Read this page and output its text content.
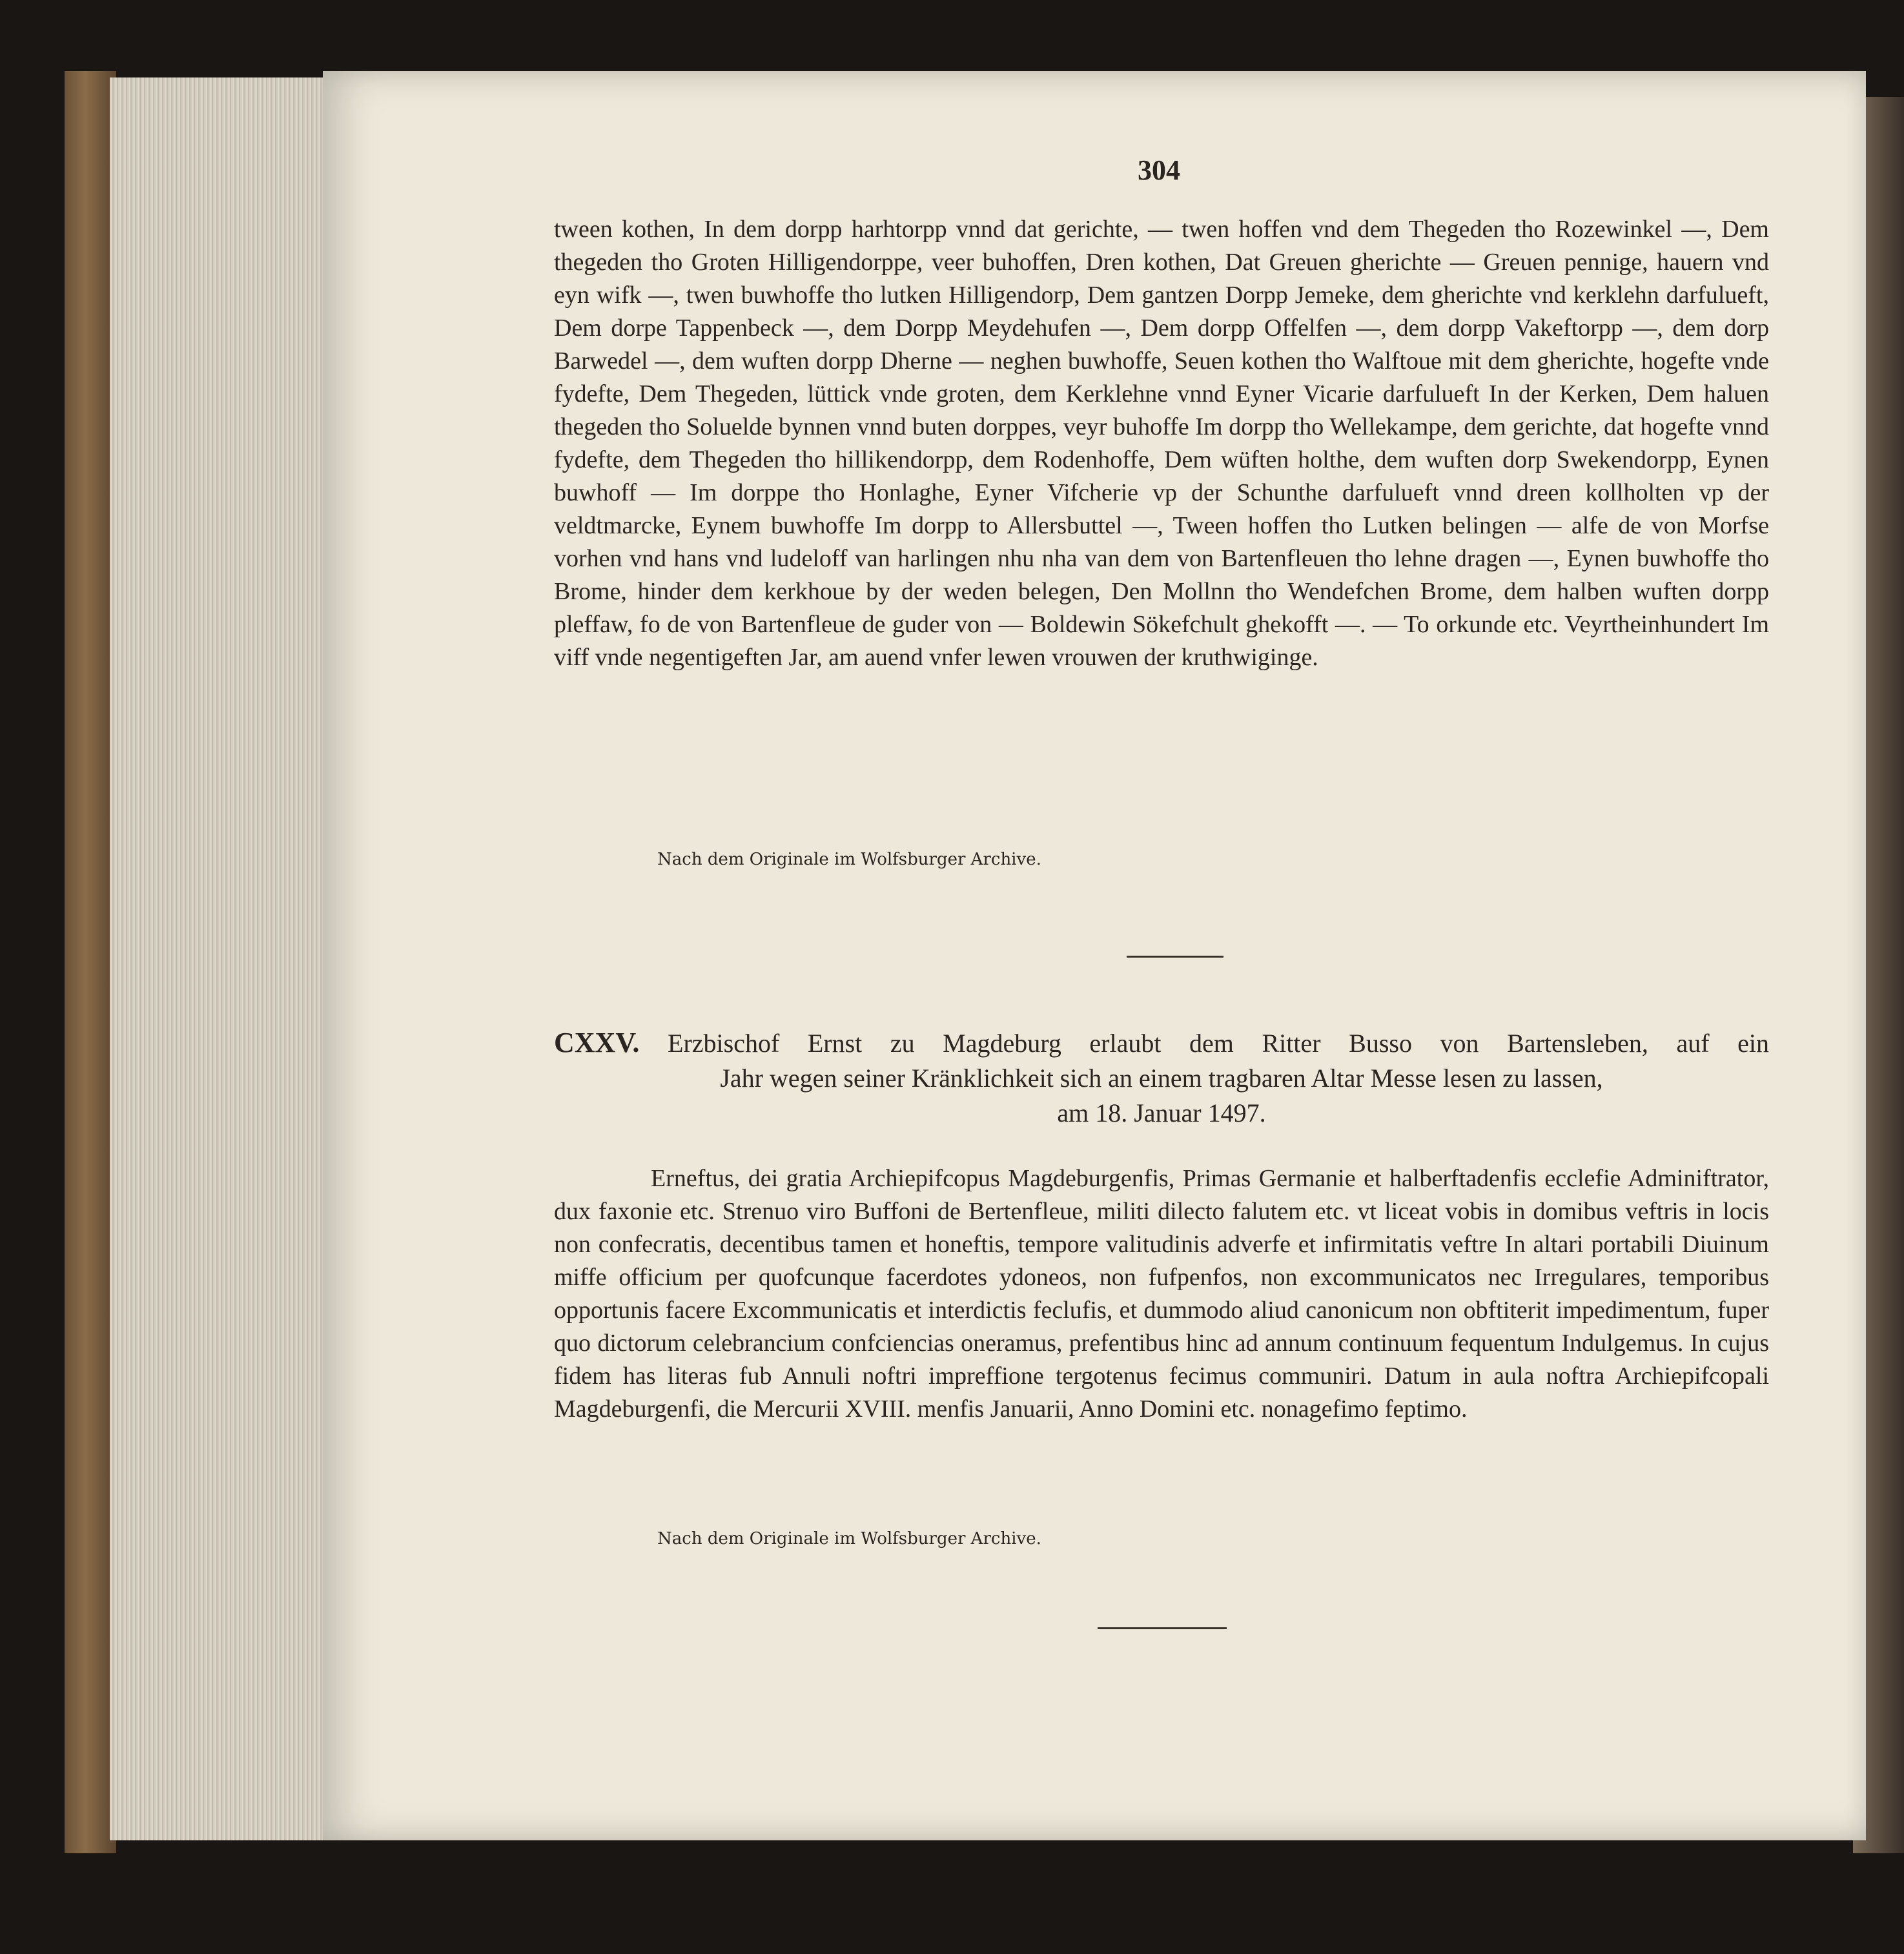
304
tween kothen, In dem dorpp harhtorpp vnnd dat gerichte, — twen hoffen vnd dem Thegeden tho Rozewinkel —, Dem thegeden tho Groten Hilligendorppe, veer buhoffen, Dren kothen, Dat Greuen gherichte — Greuen pennige, hauern vnd eyn wifk —, twen buwhoffe tho lutken Hilligendorp, Dem gantzen Dorpp Jemeke, dem gherichte vnd kerklehn darfulueft, Dem dorpe Tappenbeck —, dem Dorpp Meydehufen —, Dem dorpp Offelfen —, dem dorpp Vakeftorpp —, dem dorp Barwedel —, dem wuften dorpp Dherne — neghen buwhoffe, Seuen kothen tho Walftoue mit dem gherichte, hogefte vnde fydefte, Dem Thegeden, lüttick vnde groten, dem Kerklehne vnnd Eyner Vicarie darfulueft In der Kerken, Dem haluen thegeden tho Soluelde bynnen vnnd buten dorppes, veyr buhoffe Im dorpp tho Wellekampe, dem gerichte, dat hogefte vnnd fydefte, dem Thegeden tho hillikendorpp, dem Rodenhoffe, Dem wüften holthe, dem wuften dorp Swekendorpp, Eynen buwhoff — Im dorppe tho Honlaghe, Eyner Vifcherie vp der Schunthe darfulueft vnnd dreen kollholten vp der veldtmarcke, Eynem buwhoffe Im dorpp to Allersbuttel —, Tween hoffen tho Lutken belingen — alfe de von Morfse vorhen vnd hans vnd ludeloff van harlingen nhu nha van dem von Bartenfleuen tho lehne dragen —, Eynen buwhoffe tho Brome, hinder dem kerkhoue by der weden belegen, Den Mollnn tho Wendefchen Brome, dem halben wuften dorpp pleffaw, fo de von Bartenfleue de guder von — Boldewin Sökefchult ghekofft —. — To orkunde etc. Veyrtheinhundert Im viff vnde negentigeften Jar, am auend vnfer lewen vrouwen der kruthwiginge.
Nach dem Originale im Wolfsburger Archive.
CXXV. Erzbischof Ernst zu Magdeburg erlaubt dem Ritter Busso von Bartensleben, auf ein
Jahr wegen seiner Kränklichkeit sich an einem tragbaren Altar Messe lesen zu lassen,
am 18. Januar 1497.
Erneftus, dei gratia Archiepifcopus Magdeburgenfis, Primas Germanie et halberftadenfis ecclefie Adminiftrator, dux faxonie etc. Strenuo viro Buffoni de Bertenfleue, militi dilecto falutem etc. vt liceat vobis in domibus veftris in locis non confecratis, decentibus tamen et honeftis, tempore valitudinis adverfe et infirmitatis veftre In altari portabili Diuinum miffe officium per quofcunque facerdotes ydoneos, non fufpenfos, non excommunicatos nec Irregulares, temporibus opportunis facere Excommunicatis et interdictis feclufis, et dummodo aliud canonicum non obftiterit impedimentum, fuper quo dictorum celebrancium confciencias oneramus, prefentibus hinc ad annum continuum fequentum Indulgemus. In cujus fidem has literas fub Annuli noftri impreffione tergotenus fecimus communiri. Datum in aula noftra Archiepifcopali Magdeburgenfi, die Mercurii XVIII. menfis Januarii, Anno Domini etc. nonagefimo feptimo.
Nach dem Originale im Wolfsburger Archive.
